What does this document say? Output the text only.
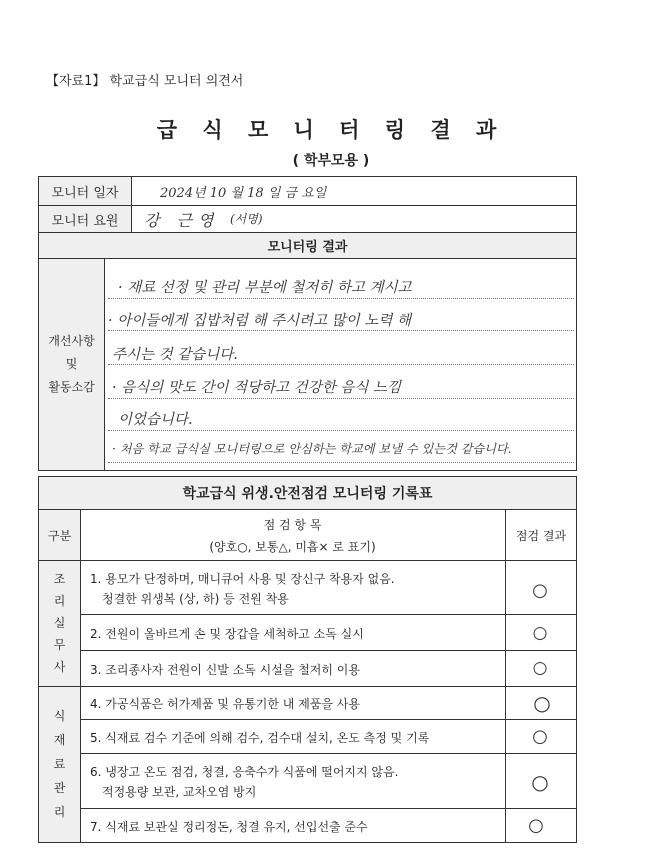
【자료1】 학교급식 모니터 의견서
급 식 모 니 터 링 결 과
( 학부모용 )
모니터 일자	2024년 10 월 18 일 금 요일
모니터 요원	강 근영 (서명)
모니터링 결과
개선사항
및
활동소감
· 재료 선정 및 관리 부분에 철저히 하고 계시고
· 아이들에게 집밥처럼 해 주시려고 많이 노력 해
주시는 것 같습니다.
· 음식의 맛도 간이 적당하고 건강한 음식 느낌
이었습니다.
· 처음 학교 급식실 모니터링으로 안심하는 학교에 보낼 수 있는것 같습니다.
학교급식 위생.안전점검 모니터링 기록표
구분
점 검 항 목
(양호○, 보통△, 미흡× 로 표기)
점검 결과
조
리
실
무
사
1. 용모가 단정하며, 매니큐어 사용 및 장신구 착용자 없음.
청결한 위생복 (상, 하) 등 전원 착용
2. 전원이 올바르게 손 및 장갑을 세척하고 소독 실시
3. 조리종사자 전원이 신발 소독 시설을 철저히 이용
식
재
료
관
리
4. 가공식품은 허가제품 및 유통기한 내 제품을 사용
5. 식재료 검수 기준에 의해 검수, 검수대 설치, 온도 측정 및 기록
6. 냉장고 온도 점검, 청결, 응축수가 식품에 떨어지지 않음.
적정용량 보관, 교차오염 방지
7. 식재료 보관실 정리정돈, 청결 유지, 선입선출 준수
○
○
○
○
○
○
○
